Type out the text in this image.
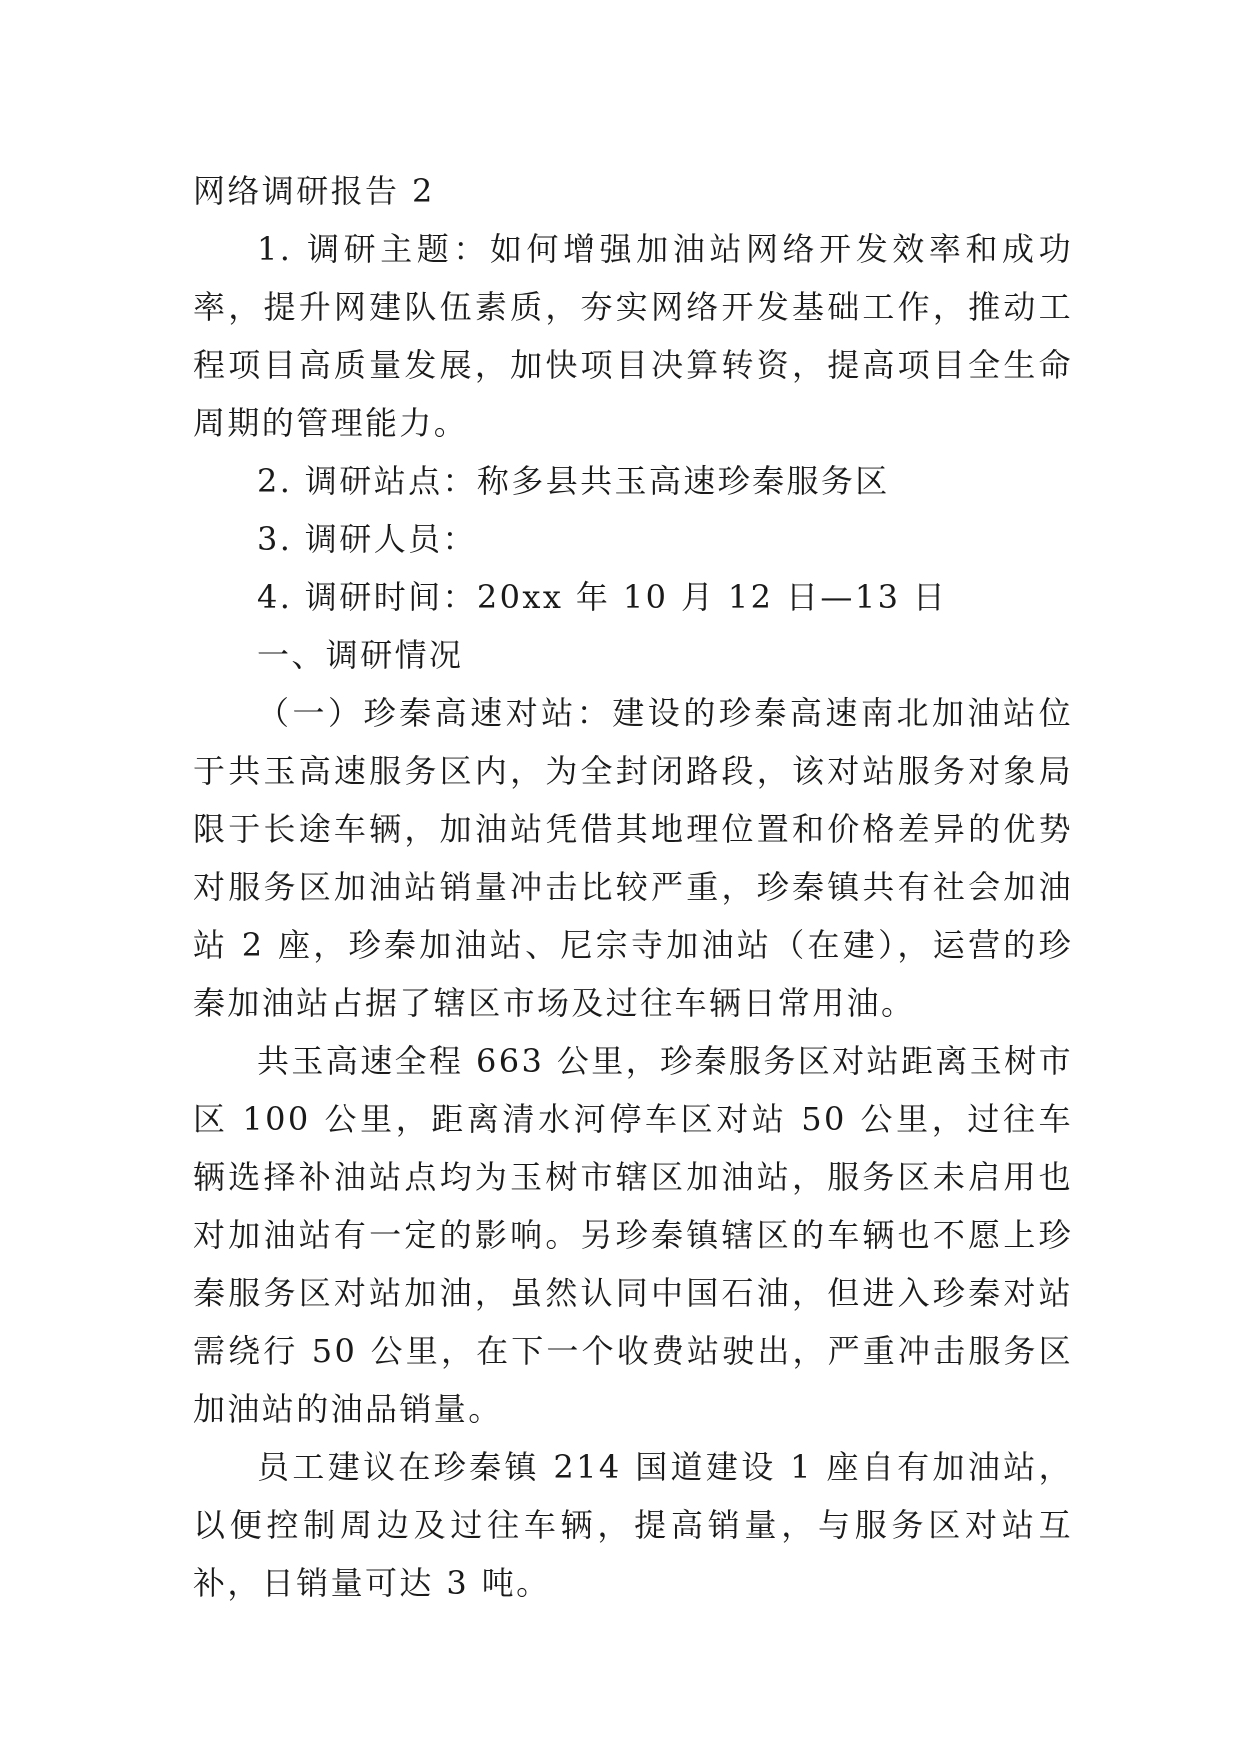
网络调研报告 2

1. 调研主题：如何增强加油站网络开发效率和成功率，提升网建队伍素质，夯实网络开发基础工作，推动工程项目高质量发展，加快项目决算转资，提高项目全生命周期的管理能力。

2. 调研站点：称多县共玉高速珍秦服务区

3. 调研人员：

4. 调研时间：20xx 年 10 月 12 日—13 日

一、调研情况

（一）珍秦高速对站：建设的珍秦高速南北加油站位于共玉高速服务区内，为全封闭路段，该对站服务对象局限于长途车辆，加油站凭借其地理位置和价格差异的优势对服务区加油站销量冲击比较严重，珍秦镇共有社会加油站 2 座，珍秦加油站、尼宗寺加油站（在建），运营的珍秦加油站占据了辖区市场及过往车辆日常用油。

共玉高速全程 663 公里，珍秦服务区对站距离玉树市区 100 公里，距离清水河停车区对站 50 公里，过往车辆选择补油站点均为玉树市辖区加油站，服务区未启用也对加油站有一定的影响。另珍秦镇辖区的车辆也不愿上珍秦服务区对站加油，虽然认同中国石油，但进入珍秦对站需绕行 50 公里，在下一个收费站驶出，严重冲击服务区加油站的油品销量。

员工建议在珍秦镇 214 国道建设 1 座自有加油站，以便控制周边及过往车辆，提高销量，与服务区对站互补，日销量可达 3 吨。
